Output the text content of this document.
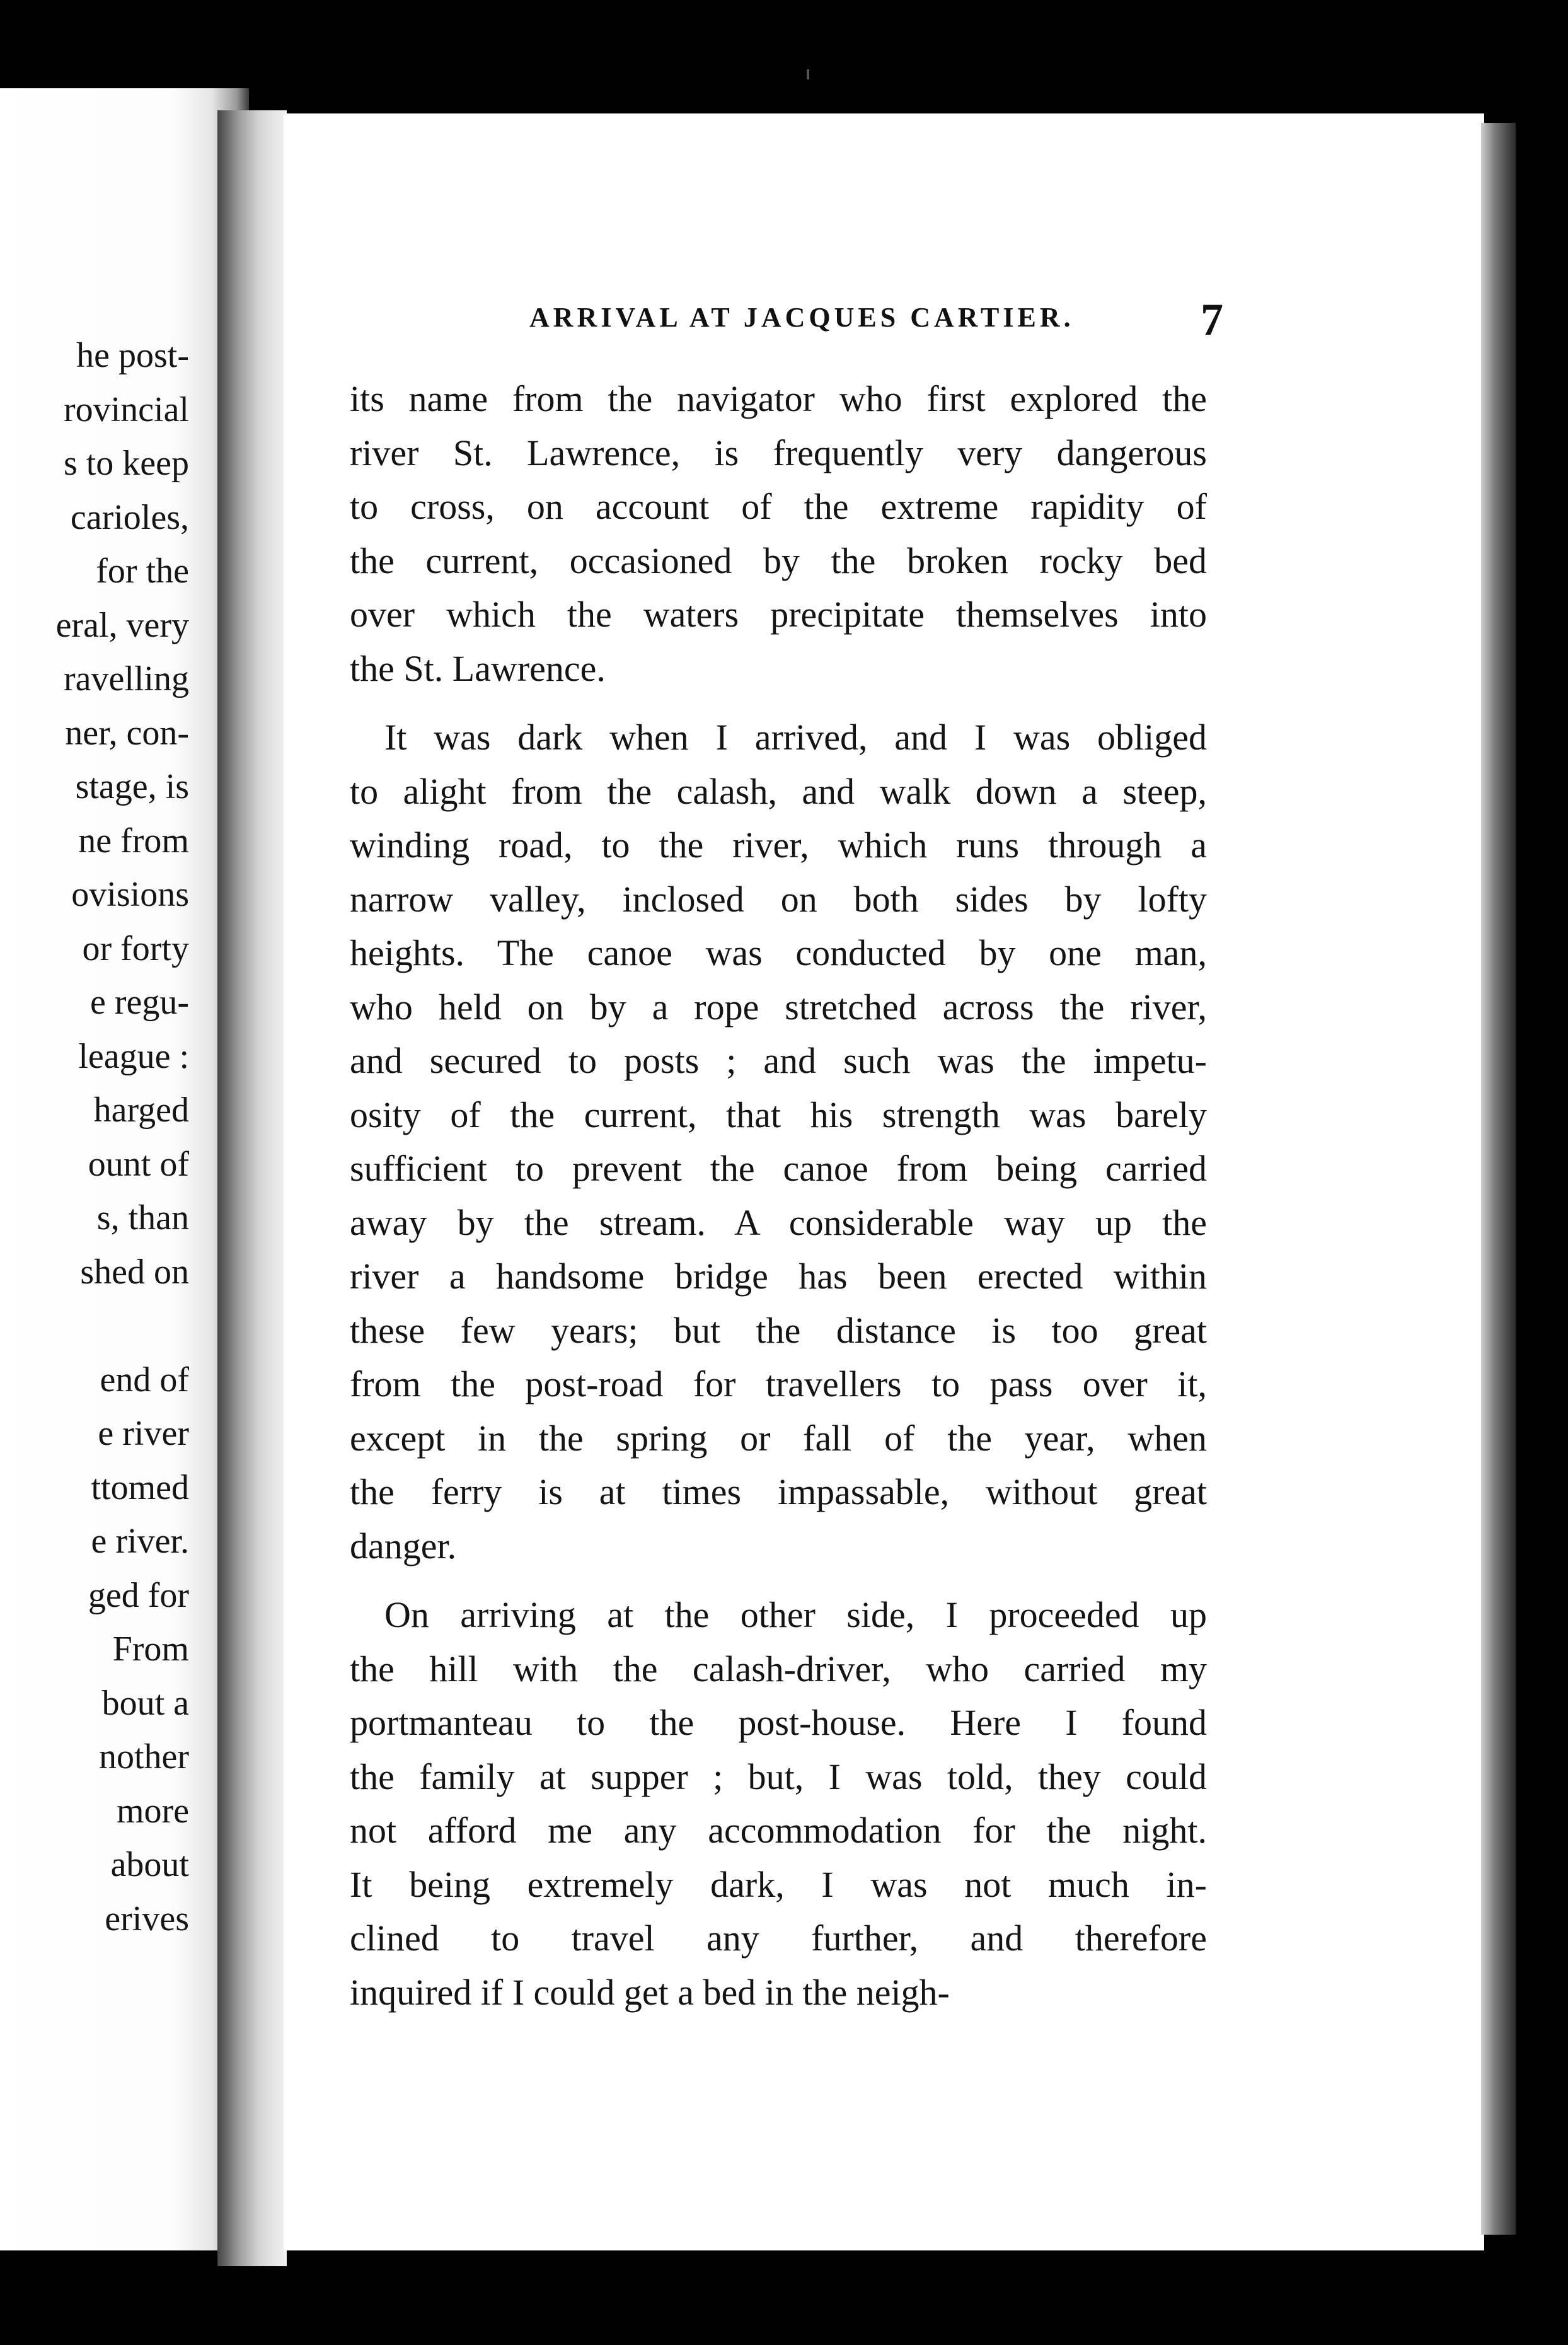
he post-
rovincial
s to keep
carioles,
for the
eral, very
ravelling
ner, con-
stage, is
ne from
ovisions
or forty
e regu-
league :
harged
ount of
s, than
shed on
end of
e river
ttomed
e river.
ged for
From
bout a
nother
more
about
erives
ARRIVAL AT JACQUES CARTIER.	7
its name from the navigator who first explored the
river St. Lawrence, is frequently very dangerous
to cross, on account of the extreme rapidity of
the current, occasioned by the broken rocky bed
over which the waters precipitate themselves into
the St. Lawrence.
It was dark when I arrived, and I was obliged
to alight from the calash, and walk down a steep,
winding road, to the river, which runs through a
narrow valley, inclosed on both sides by lofty
heights. The canoe was conducted by one man,
who held on by a rope stretched across the river,
and secured to posts ; and such was the impetu-
osity of the current, that his strength was barely
sufficient to prevent the canoe from being carried
away by the stream. A considerable way up the
river a handsome bridge has been erected within
these few years; but the distance is too great
from the post-road for travellers to pass over it,
except in the spring or fall of the year, when
the ferry is at times impassable, without great
danger.
On arriving at the other side, I proceeded up
the hill with the calash-driver, who carried my
portmanteau to the post-house. Here I found
the family at supper ; but, I was told, they could
not afford me any accommodation for the night.
It being extremely dark, I was not much in-
clined to travel any further, and therefore
inquired if I could get a bed in the neigh-
